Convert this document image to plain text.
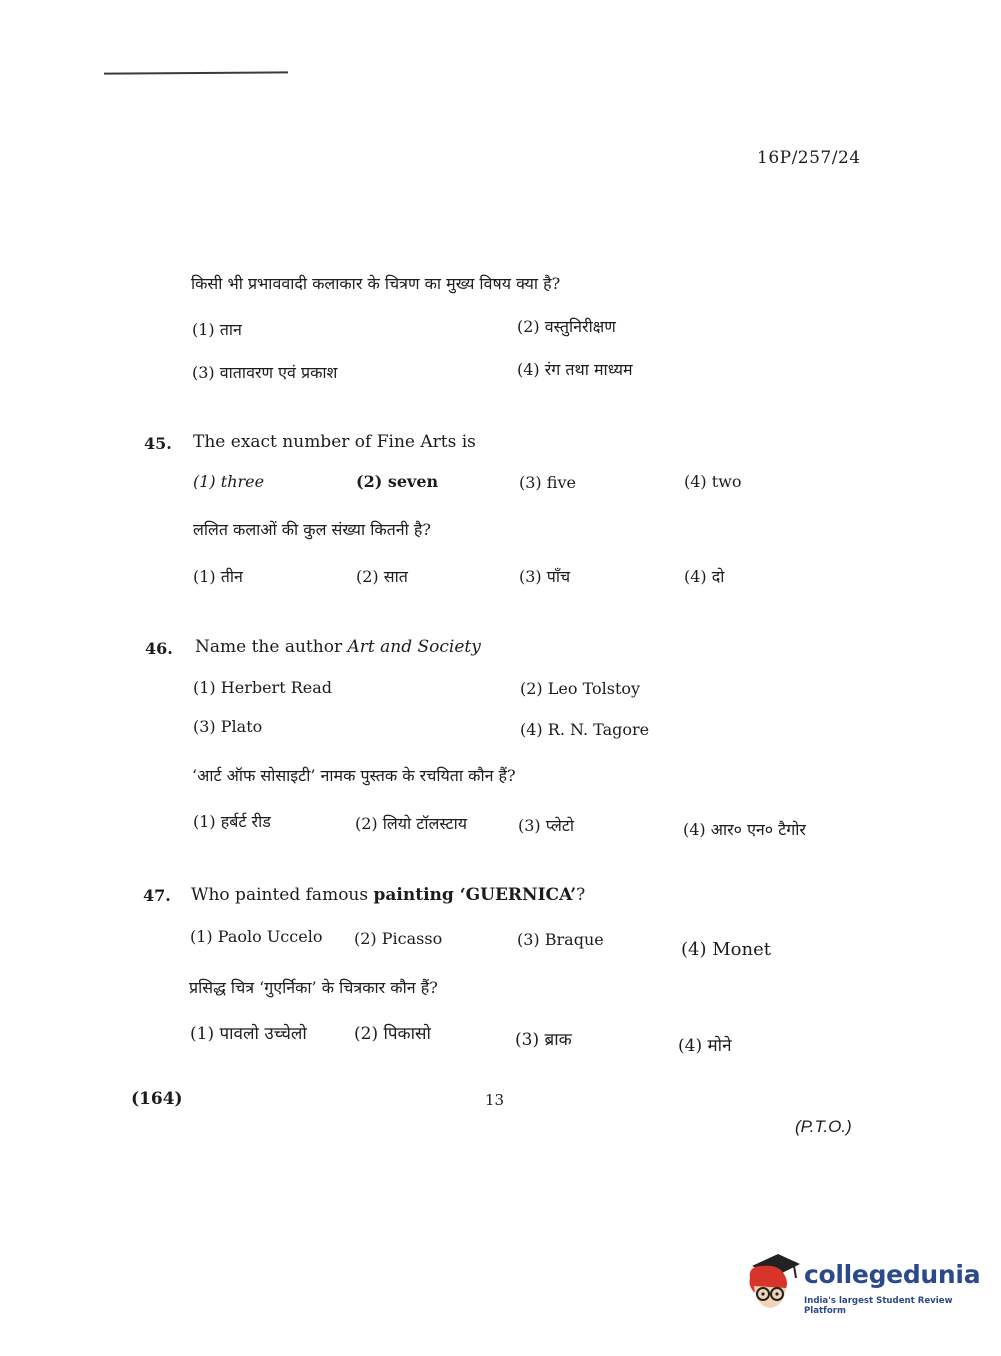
16P/257/24
किसी भी प्रभाववादी कलाकार के चित्रण का मुख्य विषय क्या है?
(1) तान	(2) वस्तुनिरीक्षण
(3) वातावरण एवं प्रकाश	(4) रंग तथा माध्यम
45. The exact number of Fine Arts is
(1) three	(2) seven	(3) five	(4) two
ललित कलाओं की कुल संख्या कितनी है?
(1) तीन	(2) सात	(3) पाँच	(4) दो
46. Name the author Art and Society
(1) Herbert Read	(2) Leo Tolstoy
(3) Plato	(4) R. N. Tagore
‘आर्ट ऑफ सोसाइटी’ नामक पुस्तक के रचयिता कौन हैं?
(1) हर्बर्ट रीड	(2) लियो टॉलस्टाय	(3) प्लेटो	(4) आर० एन० टैगोर
47. Who painted famous painting ‘GUERNICA’?
(1) Paolo Uccelo (2) Picasso	(3) Braque	(4) Monet
प्रसिद्ध चित्र ‘गुएर्निका’ के चित्रकार कौन हैं?
(1) पावलो उच्चेलो	(2) पिकासो	(3) ब्राक	(4) मोने
(164)	13
(P.T.O.)
collegedunia
India's largest Student Review Platform
